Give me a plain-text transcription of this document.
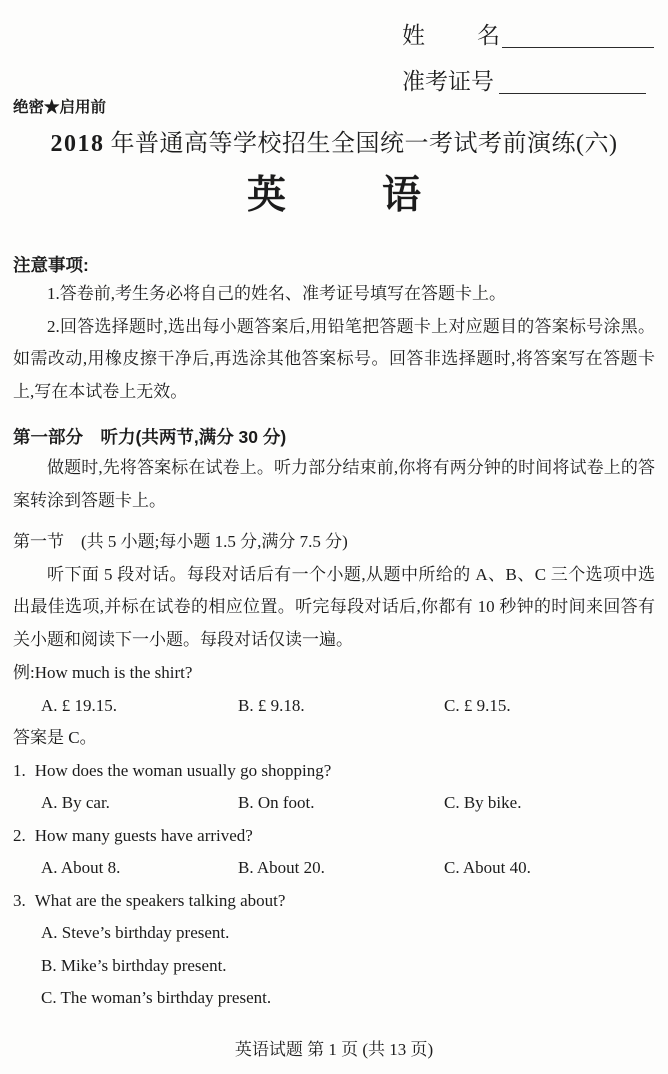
姓 名
准考证号
绝密★启用前
2018 年普通高等学校招生全国统一考试考前演练(六)
英 语
注意事项:

1.答卷前,考生务必将自己的姓名、准考证号填写在答题卡上。

2.回答选择题时,选出每小题答案后,用铅笔把答题卡上对应题目的答案标号涂黑。如需改动,用橡皮擦干净后,再选涂其他答案标号。回答非选择题时,将答案写在答题卡上,写在本试卷上无效。

第一部分　听力(共两节,满分 30 分)

做题时,先将答案标在试卷上。听力部分结束前,你将有两分钟的时间将试卷上的答案转涂到答题卡上。

第一节　(共 5 小题;每小题 1.5 分,满分 7.5 分)

听下面 5 段对话。每段对话后有一个小题,从题中所给的 A、B、C 三个选项中选出最佳选项,并标在试卷的相应位置。听完每段对话后,你都有 10 秒钟的时间来回答有关小题和阅读下一小题。每段对话仅读一遍。

例:How much is the shirt?

A. £ 19.15.	B. £ 9.18.	C. £ 9.15.

答案是 C。

1. How does the woman usually go shopping?

A. By car.	B. On foot.	C. By bike.

2. How many guests have arrived?

A. About 8.	B. About 20.	C. About 40.

3. What are the speakers talking about?

A. Steve’s birthday present.
B. Mike’s birthday present.
C. The woman’s birthday present.
英语试题 第 1 页 (共 13 页)
